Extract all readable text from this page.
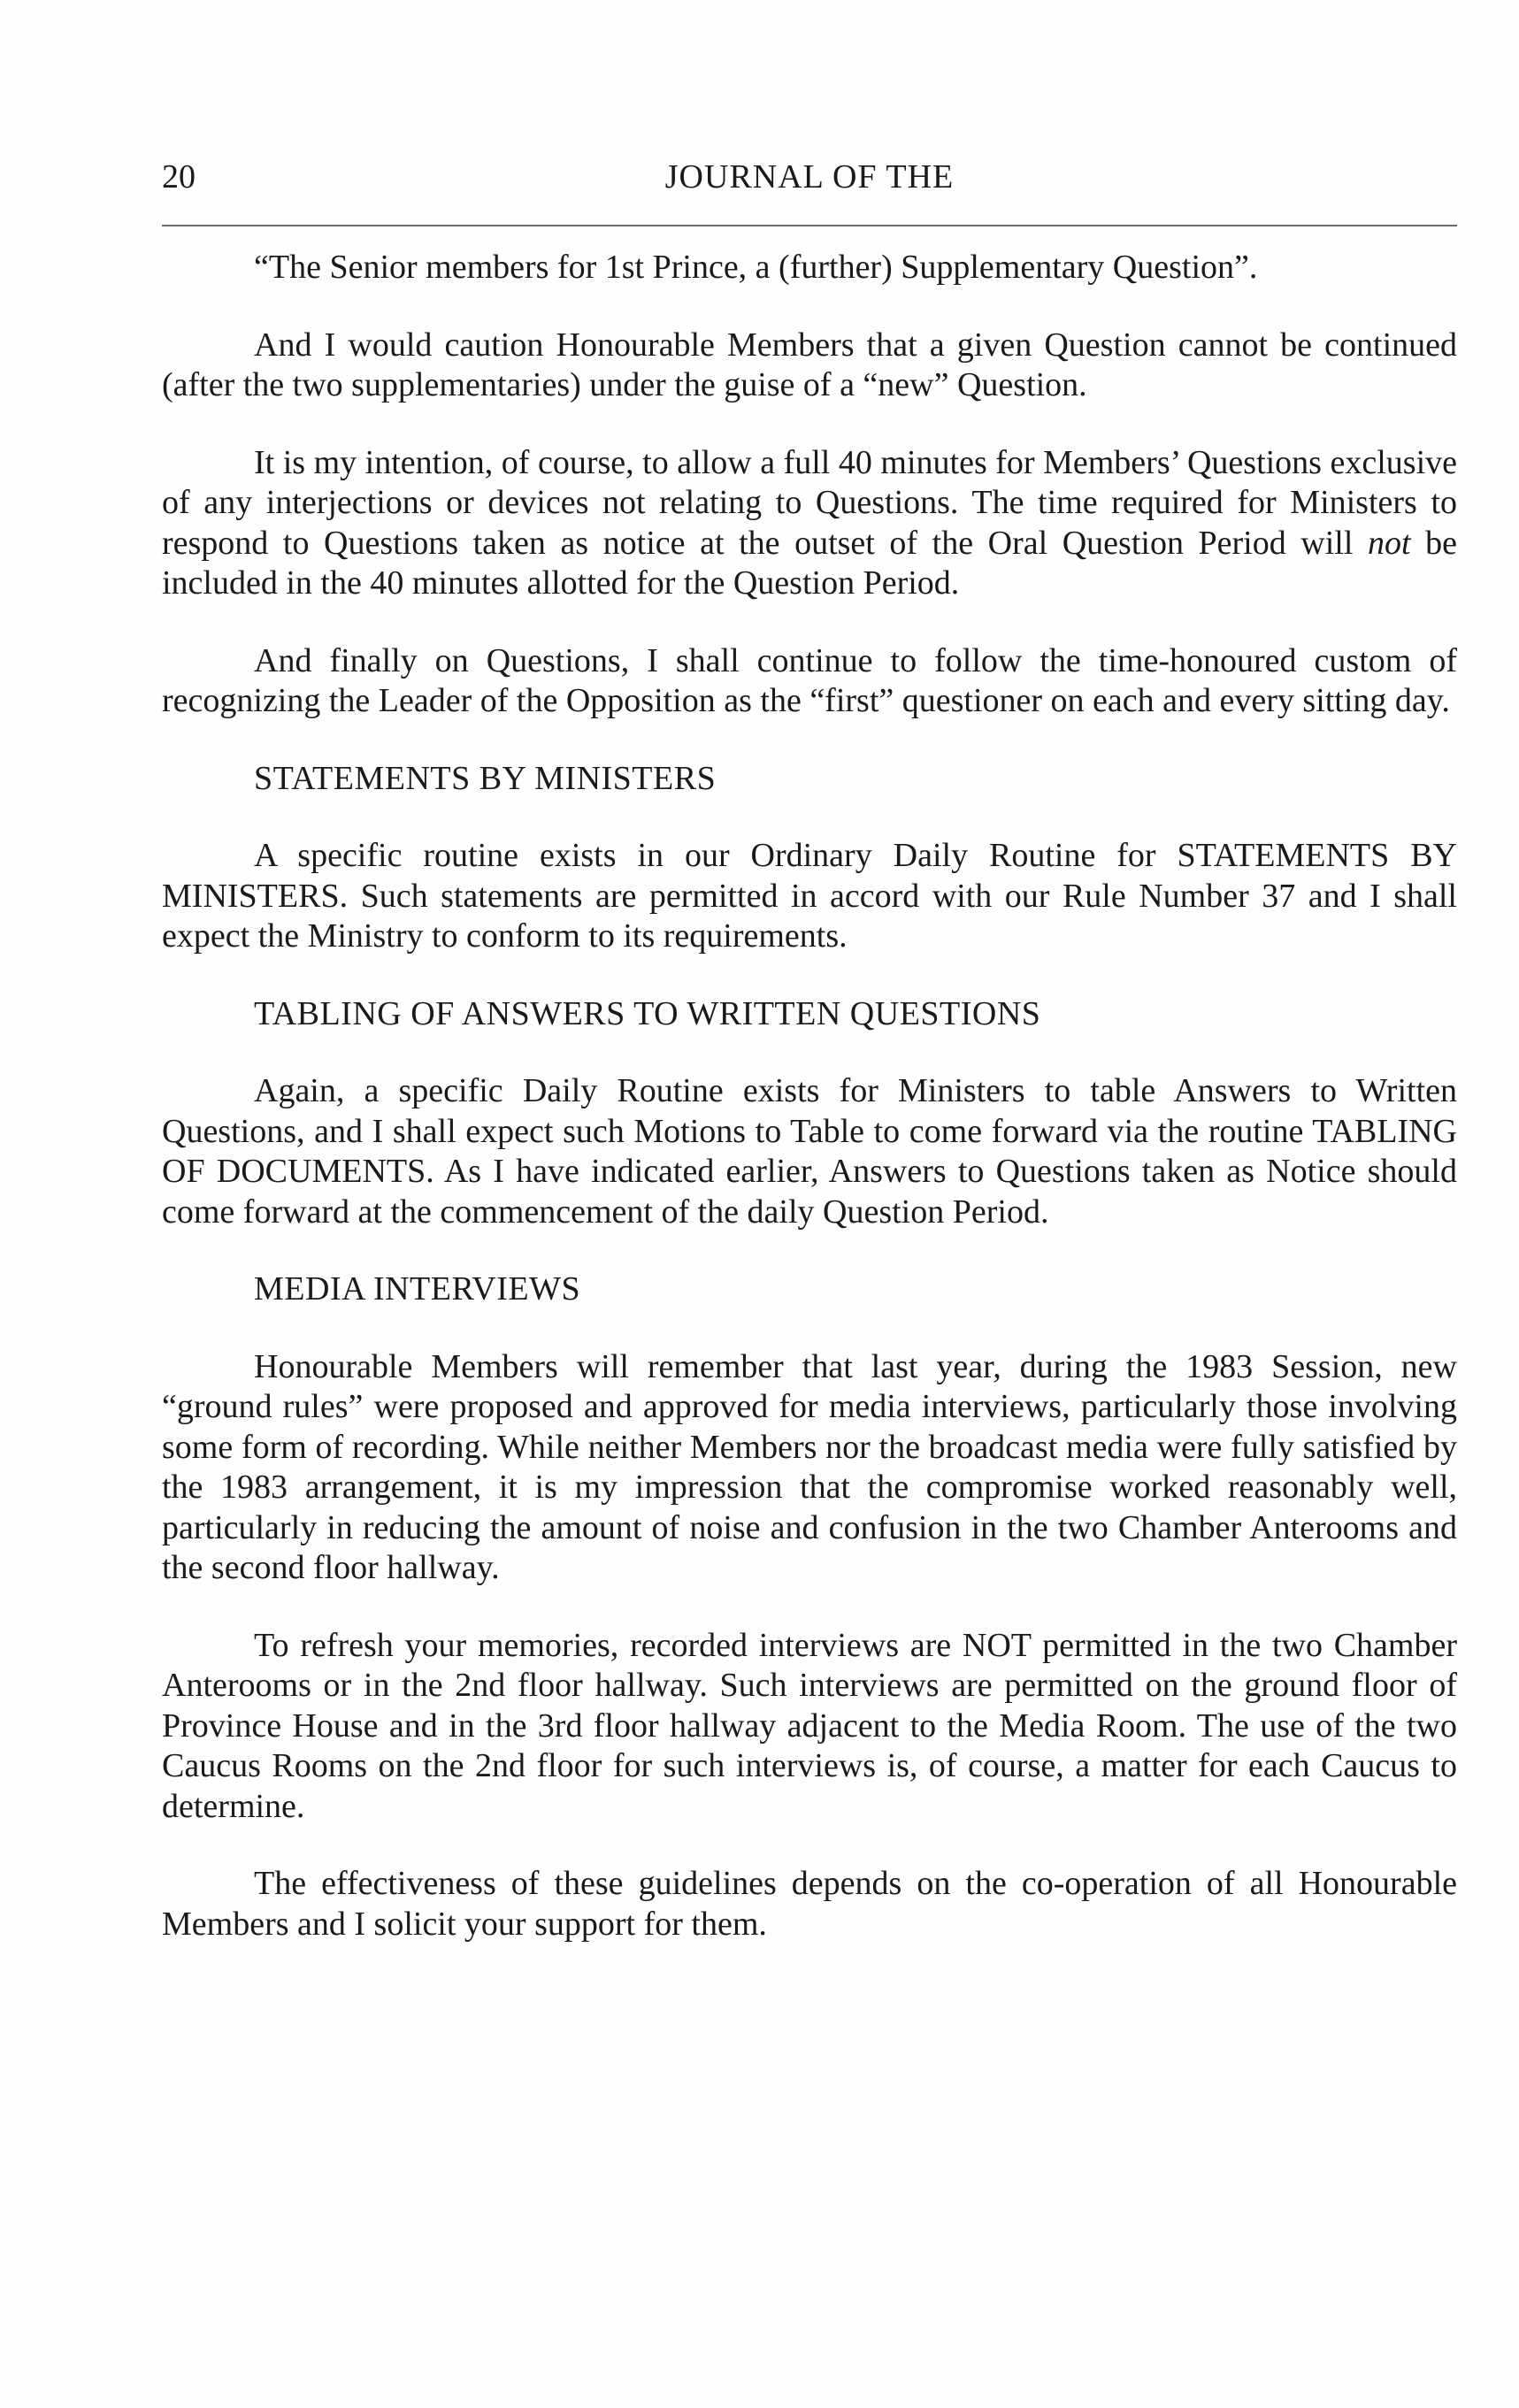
20	JOURNAL OF THE

“The Senior members for 1st Prince, a (further) Supplementary Question”.

And I would caution Honourable Members that a given Question cannot be continued (after the two supplementaries) under the guise of a “new” Question.

It is my intention, of course, to allow a full 40 minutes for Members’ Questions exclusive of any interjections or devices not relating to Questions. The time required for Ministers to respond to Questions taken as notice at the outset of the Oral Question Period will not be included in the 40 minutes allotted for the Question Period.

And finally on Questions, I shall continue to follow the time-honoured custom of recognizing the Leader of the Opposition as the “first” questioner on each and every sitting day.

STATEMENTS BY MINISTERS

A specific routine exists in our Ordinary Daily Routine for STATEMENTS BY MINISTERS. Such statements are permitted in accord with our Rule Number 37 and I shall expect the Ministry to conform to its requirements.

TABLING OF ANSWERS TO WRITTEN QUESTIONS

Again, a specific Daily Routine exists for Ministers to table Answers to Written Questions, and I shall expect such Motions to Table to come forward via the routine TABLING OF DOCUMENTS. As I have indicated earlier, Answers to Questions taken as Notice should come forward at the commencement of the daily Question Period.

MEDIA INTERVIEWS

Honourable Members will remember that last year, during the 1983 Session, new “ground rules” were proposed and approved for media interviews, particularly those involving some form of recording. While neither Members nor the broadcast media were fully satisfied by the 1983 arrangement, it is my impression that the compromise worked reasonably well, particularly in reducing the amount of noise and confusion in the two Chamber Anterooms and the second floor hallway.

To refresh your memories, recorded interviews are NOT permitted in the two Chamber Anterooms or in the 2nd floor hallway. Such interviews are permitted on the ground floor of Province House and in the 3rd floor hallway adjacent to the Media Room. The use of the two Caucus Rooms on the 2nd floor for such interviews is, of course, a matter for each Caucus to determine.

The effectiveness of these guidelines depends on the co-operation of all Honourable Members and I solicit your support for them.
